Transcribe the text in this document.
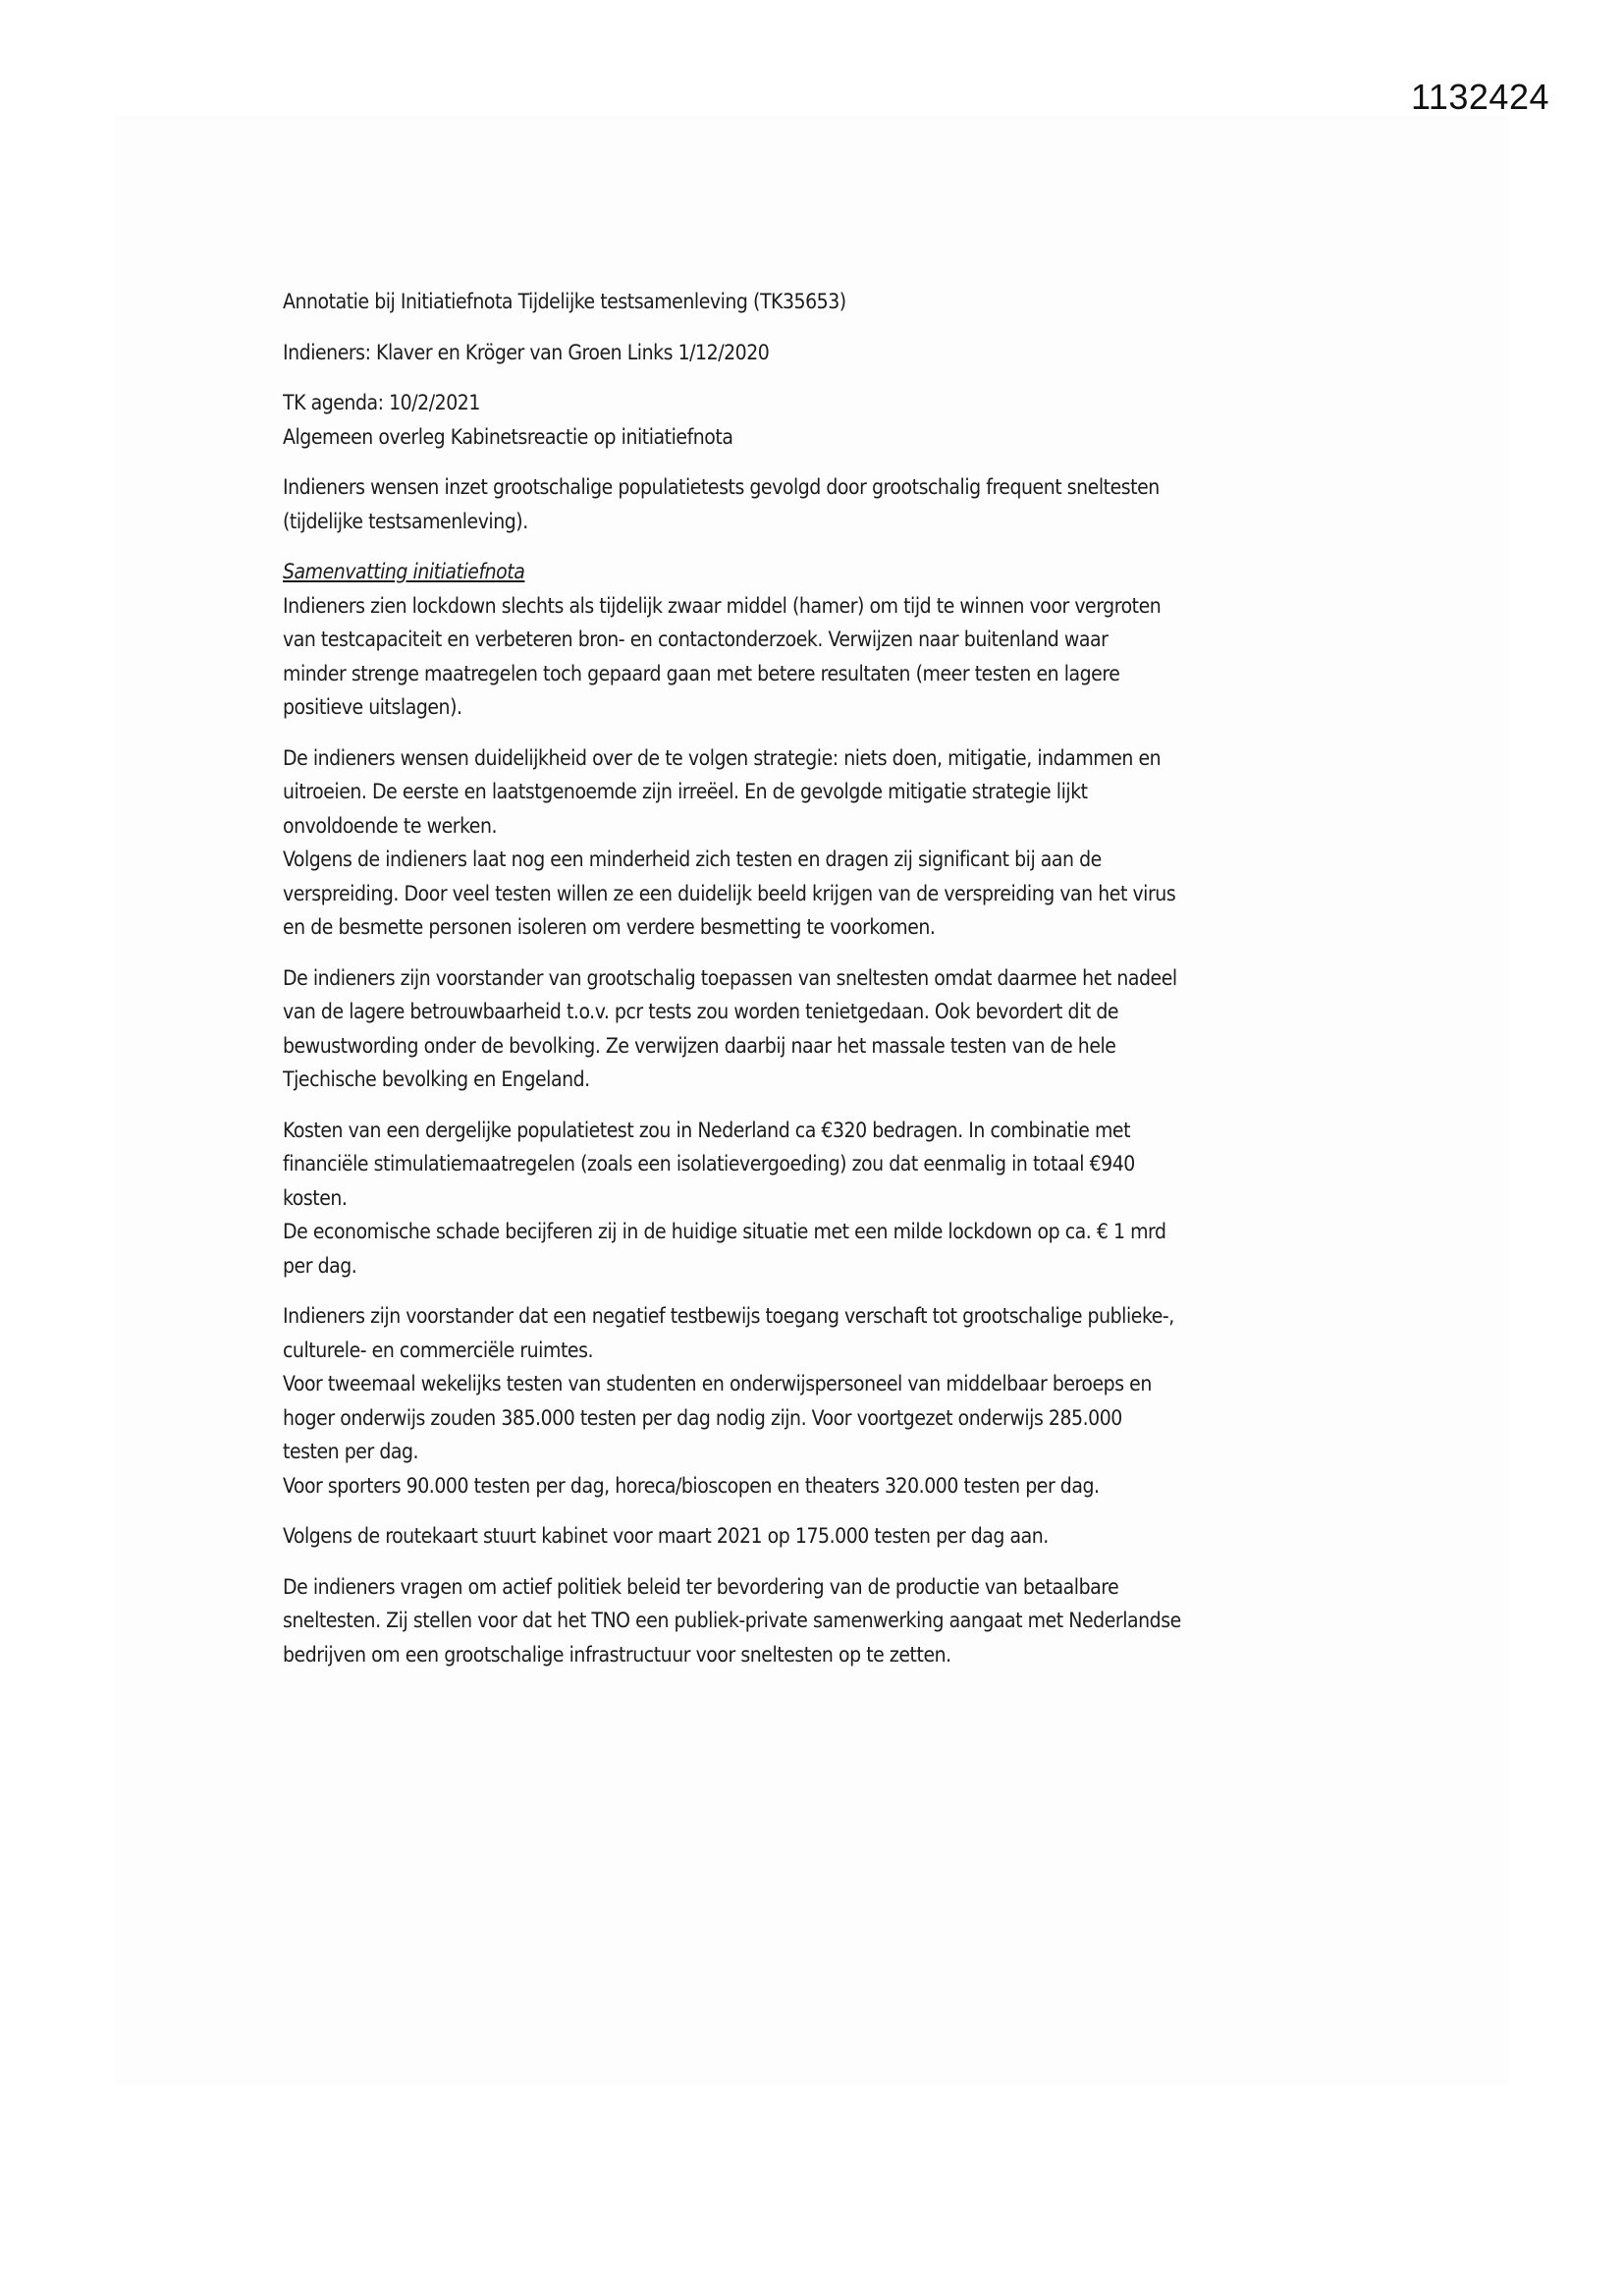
1132424

Annotatie bij Initiatiefnota Tijdelijke testsamenleving (TK35653)

Indieners: Klaver en Kröger van Groen Links 1/12/2020

TK agenda: 10/2/2021
Algemeen overleg Kabinetsreactie op initiatiefnota

Indieners wensen inzet grootschalige populatietests gevolgd door grootschalig frequent sneltesten
(tijdelijke testsamenleving).

Samenvatting initiatiefnota
Indieners zien lockdown slechts als tijdelijk zwaar middel (hamer) om tijd te winnen voor vergroten
van testcapaciteit en verbeteren bron- en contactonderzoek. Verwijzen naar buitenland waar
minder strenge maatregelen toch gepaard gaan met betere resultaten (meer testen en lagere
positieve uitslagen).

De indieners wensen duidelijkheid over de te volgen strategie: niets doen, mitigatie, indammen en
uitroeien. De eerste en laatstgenoemde zijn irreëel. En de gevolgde mitigatie strategie lijkt
onvoldoende te werken.
Volgens de indieners laat nog een minderheid zich testen en dragen zij significant bij aan de
verspreiding. Door veel testen willen ze een duidelijk beeld krijgen van de verspreiding van het virus
en de besmette personen isoleren om verdere besmetting te voorkomen.

De indieners zijn voorstander van grootschalig toepassen van sneltesten omdat daarmee het nadeel
van de lagere betrouwbaarheid t.o.v. pcr tests zou worden tenietgedaan. Ook bevordert dit de
bewustwording onder de bevolking. Ze verwijzen daarbij naar het massale testen van de hele
Tjechische bevolking en Engeland.

Kosten van een dergelijke populatietest zou in Nederland ca €320 bedragen. In combinatie met
financiële stimulatiemaatregelen (zoals een isolatievergoeding) zou dat eenmalig in totaal €940
kosten.
De economische schade becijferen zij in de huidige situatie met een milde lockdown op ca. € 1 mrd
per dag.

Indieners zijn voorstander dat een negatief testbewijs toegang verschaft tot grootschalige publieke-,
culturele- en commerciële ruimtes.
Voor tweemaal wekelijks testen van studenten en onderwijspersoneel van middelbaar beroeps en
hoger onderwijs zouden 385.000 testen per dag nodig zijn. Voor voortgezet onderwijs 285.000
testen per dag.
Voor sporters 90.000 testen per dag, horeca/bioscopen en theaters 320.000 testen per dag.

Volgens de routekaart stuurt kabinet voor maart 2021 op 175.000 testen per dag aan.

De indieners vragen om actief politiek beleid ter bevordering van de productie van betaalbare
sneltesten. Zij stellen voor dat het TNO een publiek-private samenwerking aangaat met Nederlandse
bedrijven om een grootschalige infrastructuur voor sneltesten op te zetten.
